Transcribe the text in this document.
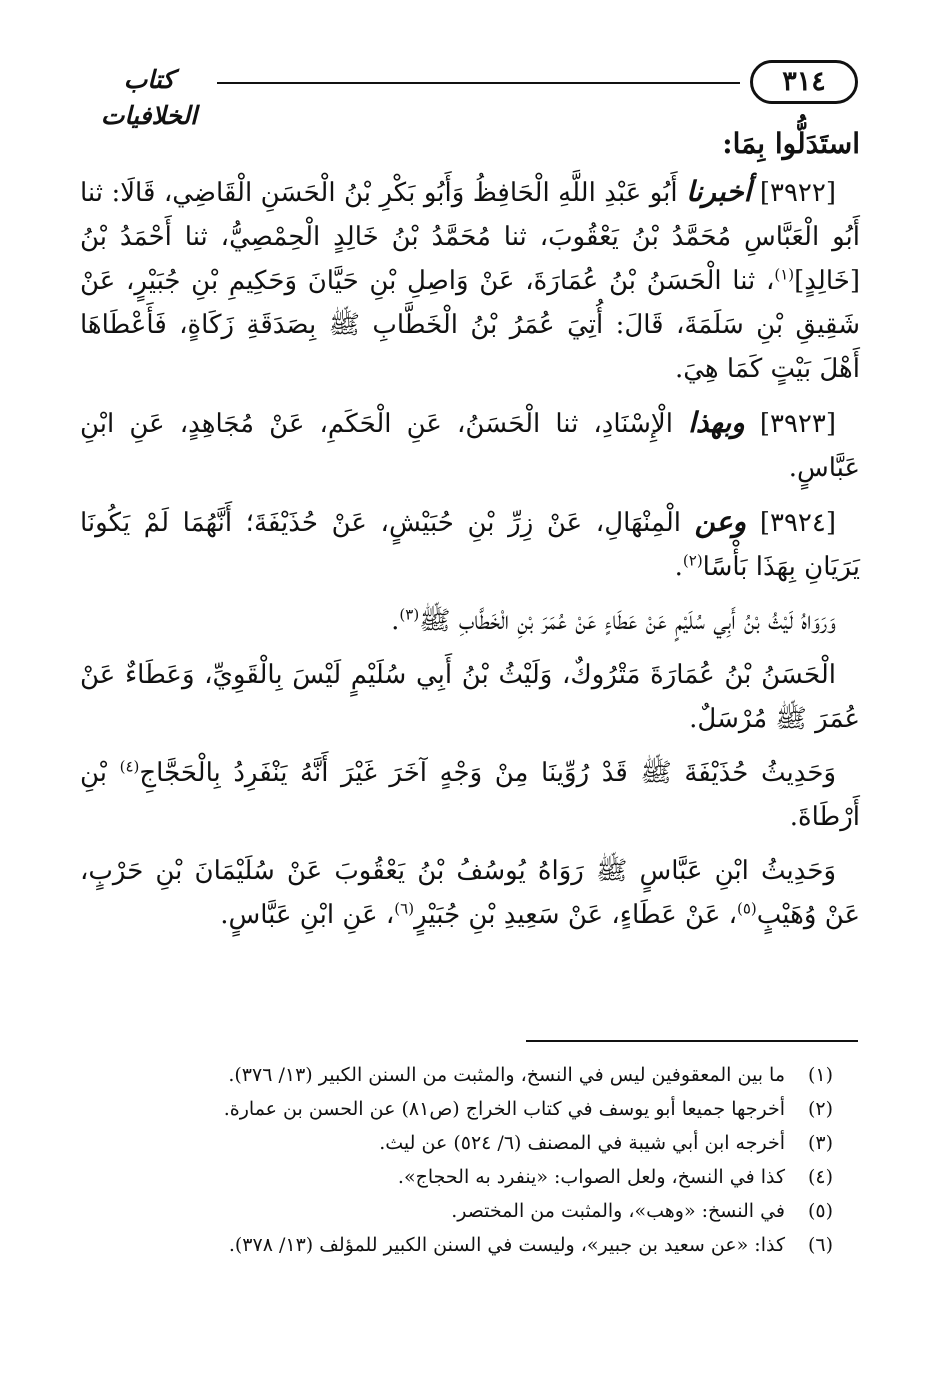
٣١٤
كتاب الخلافيات

استَدَلُّوا بِمَا:

[٣٩٢٢] أخبرنا أَبُو عَبْدِ اللَّهِ الْحَافِظُ وَأَبُو بَكْرِ بْنُ الْحَسَنِ الْقَاضِي، قَالَا: ثنا أَبُو الْعَبَّاسِ مُحَمَّدُ بْنُ يَعْقُوبَ، ثنا مُحَمَّدُ بْنُ خَالِدٍ الْحِمْصِيُّ، ثنا أَحْمَدُ بْنُ [خَالِدٍ]$^{(١)}$، ثنا الْحَسَنُ بْنُ عُمَارَةَ، عَنْ وَاصِلِ بْنِ حَيَّانَ وَحَكِيمِ بْنِ جُبَيْرٍ، عَنْ شَقِيقِ بْنِ سَلَمَةَ، قَالَ: أُتِيَ عُمَرُ بْنُ الْخَطَّابِ ﷺ بِصَدَقَةِ زَكَاةٍ، فَأَعْطَاهَا أَهْلَ بَيْتٍ كَمَا هِيَ.

[٣٩٢٣] وبهذا الْإِسْنَادِ، ثنا الْحَسَنُ، عَنِ الْحَكَمِ، عَنْ مُجَاهِدٍ، عَنِ ابْنِ عَبَّاسٍ.

[٣٩٢٤] وعن الْمِنْهَالِ، عَنْ زِرِّ بْنِ حُبَيْشٍ، عَنْ حُذَيْفَةَ؛ أَنَّهُمَا لَمْ يَكُونَا يَرَيَانِ بِهَذَا بَأْسًا$^{(٢)}$.

وَرَوَاهُ لَيْثُ بْنُ أَبِي سُلَيْمٍ عَنْ عَطَاءٍ عَنْ عُمَرَ بْنِ الْخَطَّابِ ﷺ$^{(٣)}$.

الْحَسَنُ بْنُ عُمَارَةَ مَتْرُوكٌ، وَلَيْثُ بْنُ أَبِي سُلَيْمٍ لَيْسَ بِالْقَوِيِّ، وَعَطَاءٌ عَنْ عُمَرَ ﷺ مُرْسَلٌ.

وَحَدِيثُ حُذَيْفَةَ ﷺ قَدْ رُوِّينَا مِنْ وَجْهٍ آخَرَ غَيْرَ أَنَّهُ يَنْفَرِدُ بِالْحَجَّاجِ$^{(٤)}$ بْنِ أَرْطَاةَ.

وَحَدِيثُ ابْنِ عَبَّاسٍ ﷺ رَوَاهُ يُوسُفُ بْنُ يَعْقُوبَ عَنْ سُلَيْمَانَ بْنِ حَرْبٍ، عَنْ وُهَيْبٍ$^{(٥)}$، عَنْ عَطَاءٍ، عَنْ سَعِيدِ بْنِ جُبَيْرٍ$^{(٦)}$، عَنِ ابْنِ عَبَّاسٍ.

(١)
ما بين المعقوفين ليس في النسخ، والمثبت من السنن الكبير (١٣/ ٣٧٦).
(٢)
أخرجها جميعا أبو يوسف في كتاب الخراج (ص٨١) عن الحسن بن عمارة.
(٣)
أخرجه ابن أبي شيبة في المصنف (٦/ ٥٢٤) عن ليث.
(٤)
كذا في النسخ، ولعل الصواب: «ينفرد به الحجاج».
(٥)
في النسخ: «وهب»، والمثبت من المختصر.
(٦)
كذا: «عن سعيد بن جبير»، وليست في السنن الكبير للمؤلف (١٣/ ٣٧٨).
